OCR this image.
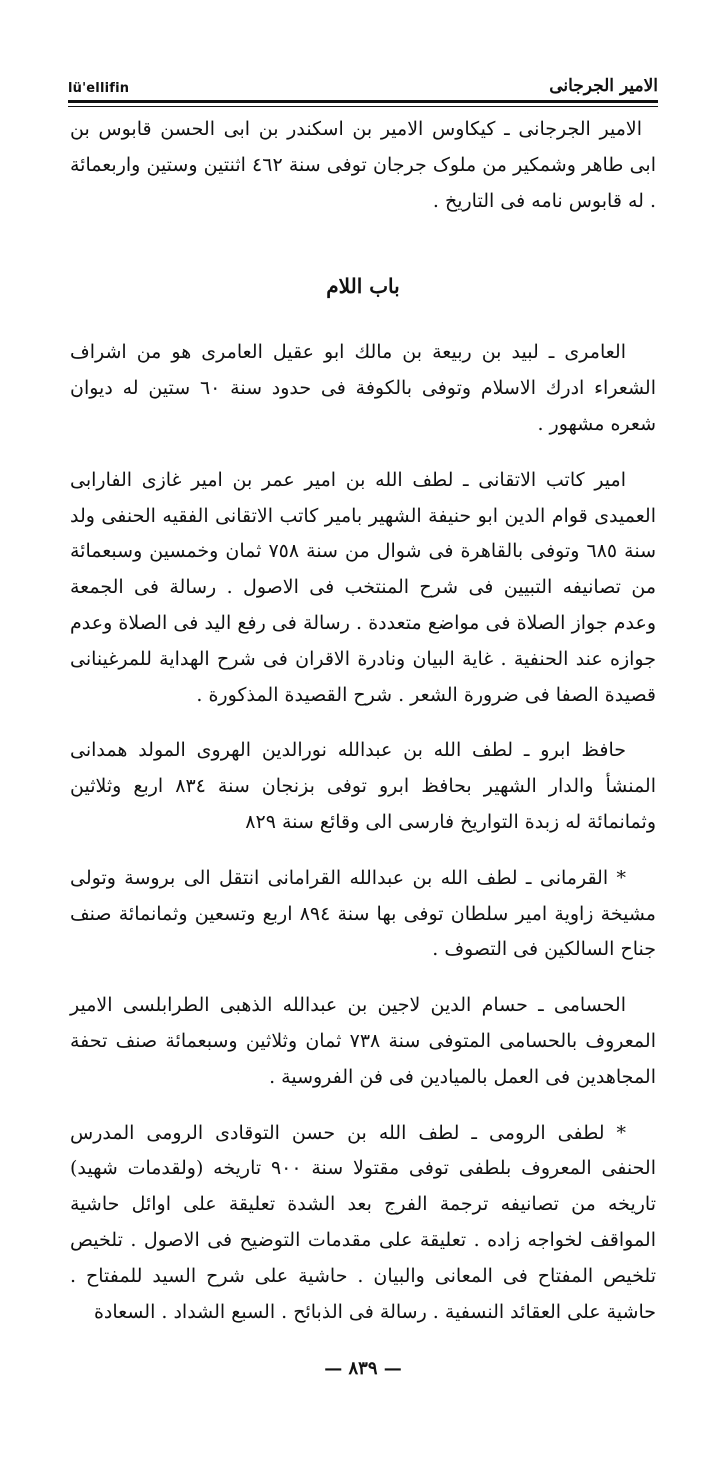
lü'ellifin	الامیر الجرجانی

الامیر الجرجانی ـ کیکاوس الامیر بن اسکندر بن ابی الحسن قابوس بن ابی طاهر وشمکیر من ملوک جرجان توفی سنة ٤٦٢ اثنتین وستین واربعمائة . له قابوس نامه فی التاریخ .

باب اللام

العامری ـ لبید بن ربیعة بن مالك ابو عقیل العامری هو من اشراف الشعراء ادرك الاسلام وتوفی بالكوفة فی حدود سنة ٦٠ ستین له دیوان شعره مشهور .

امیر كاتب الاتقانی ـ لطف الله بن امیر عمر بن امیر غازی الفارابی العمیدی قوام الدین ابو حنیفة الشهیر بامیر كاتب الاتقانی الفقیه الحنفی ولد سنة ٦٨٥ وتوفی بالقاهرة فی شوال من سنة ٧٥٨ ثمان وخمسین وسبعمائة من تصانیفه التبیین فی شرح المنتخب فی الاصول . رسالة فی الجمعة وعدم جواز الصلاة فی مواضع متعددة . رسالة فی رفع الید فی الصلاة وعدم جوازه عند الحنفیة . غایة البیان ونادرة الاقران فی شرح الهدایة للمرغینانی قصیدة الصفا فی ضرورة الشعر . شرح القصیدة المذكورة .

حافظ ابرو ـ لطف الله بن عبدالله نورالدین الهروی المولد همدانی المنشأ والدار الشهیر بحافظ ابرو توفی بزنجان سنة ٨٣٤ اربع وثلاثین وثمانمائة له زبدة التواریخ فارسی الی وقائع سنة ٨٢٩

* القرمانی ـ لطف الله بن عبدالله القرامانی انتقل الی بروسة وتولی مشیخة زاویة امیر سلطان توفی بها سنة ٨٩٤ اربع وتسعین وثمانمائة صنف جناح السالكین فی التصوف .

الحسامی ـ حسام الدین لاجین بن عبدالله الذهبی الطرابلسی الامیر المعروف بالحسامی المتوفی سنة ٧٣٨ ثمان وثلاثین وسبعمائة صنف تحفة المجاهدین فی العمل بالمیادین فی فن الفروسیة .

* لطفی الرومی ـ لطف الله بن حسن التوقادی الرومی المدرس الحنفی المعروف بلطفی توفی مقتولا سنة ٩٠٠ تاریخه (ولقدمات شهید) تاریخه من تصانیفه ترجمة الفرج بعد الشدة تعلیقة علی اوائل حاشیة المواقف لخواجه زاده . تعلیقة علی مقدمات التوضیح فی الاصول . تلخیص تلخیص المفتاح فی المعانی والبیان . حاشیة علی شرح السید للمفتاح . حاشیة علی العقائد النسفیة . رسالة فی الذبائح . السبع الشداد . السعادة

— ٨٣٩ —
